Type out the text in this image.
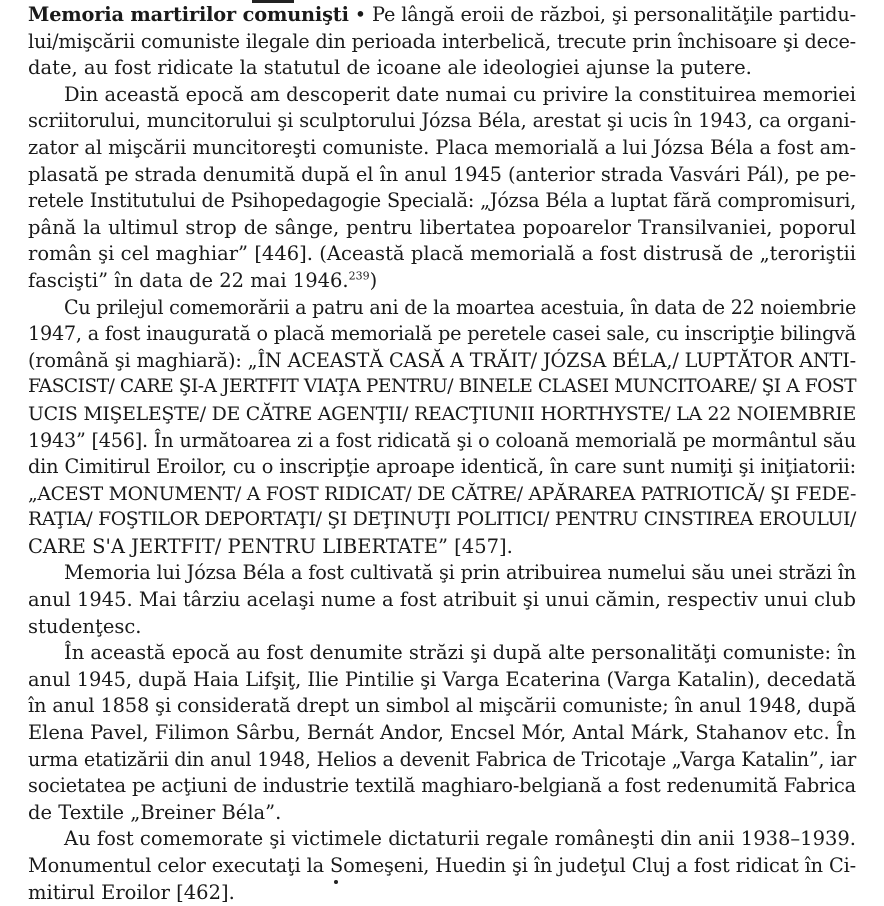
Memoria martirilor comunişti • Pe lângă eroii de război, şi personalităţile partidu-
lui/mişcării comuniste ilegale din perioada interbelică, trecute prin închisoare şi dece-
date, au fost ridicate la statutul de icoane ale ideologiei ajunse la putere.
Din această epocă am descoperit date numai cu privire la constituirea memoriei
scriitorului, muncitorului şi sculptorului Józsa Béla, arestat şi ucis în 1943, ca organi-
zator al mişcării muncitoreşti comuniste. Placa memorială a lui Józsa Béla a fost am-
plasată pe strada denumită după el în anul 1945 (anterior strada Vasvári Pál), pe pe-
retele Institutului de Psihopedagogie Specială: „Józsa Béla a luptat fără compromisuri,
până la ultimul strop de sânge, pentru libertatea popoarelor Transilvaniei, poporul
român şi cel maghiar” [446]. (Această placă memorială a fost distrusă de „teroriştii
fascişti” în data de 22 mai 1946.$^{239}$)
Cu prilejul comemorării a patru ani de la moartea acestuia, în data de 22 noiembrie
1947, a fost inaugurată o placă memorială pe peretele casei sale, cu inscripţie bilingvă
(română şi maghiară): „ÎN ACEASTĂ CASĂ A TRĂIT/ JÓZSA BÉLA,/ LUPTĂTOR ANTI-
FASCIST/ CARE ŞI-A JERTFIT VIAŢA PENTRU/ BINELE CLASEI MUNCITOARE/ ŞI A FOST
UCIS MIŞELEŞTE/ DE CĂTRE AGENŢII/ REACŢIUNII HORTHYSTE/ LA 22 NOIEMBRIE
1943” [456]. În următoarea zi a fost ridicată şi o coloană memorială pe mormântul său
din Cimitirul Eroilor, cu o inscripţie aproape identică, în care sunt numiţi şi iniţiatorii:
„ACEST MONUMENT/ A FOST RIDICAT/ DE CĂTRE/ APĂRAREA PATRIOTICĂ/ ŞI FEDE-
RAŢIA/ FOŞTILOR DEPORTAŢI/ ŞI DEŢINUŢI POLITICI/ PENTRU CINSTIREA EROULUI/
CARE S'A JERTFIT/ PENTRU LIBERTATE” [457].
Memoria lui Józsa Béla a fost cultivată şi prin atribuirea numelui său unei străzi în
anul 1945. Mai târziu acelaşi nume a fost atribuit şi unui cămin, respectiv unui club
studenţesc.
În această epocă au fost denumite străzi şi după alte personalităţi comuniste: în
anul 1945, după Haia Lifşiţ, Ilie Pintilie şi Varga Ecaterina (Varga Katalin), decedată
în anul 1858 şi considerată drept un simbol al mişcării comuniste; în anul 1948, după
Elena Pavel, Filimon Sârbu, Bernát Andor, Encsel Mór, Antal Márk, Stahanov etc. În
urma etatizării din anul 1948, Helios a devenit Fabrica de Tricotaje „Varga Katalin”, iar
societatea pe acţiuni de industrie textilă maghiaro-belgiană a fost redenumită Fabrica
de Textile „Breiner Béla”.
Au fost comemorate şi victimele dictaturii regale româneşti din anii 1938–1939.
Monumentul celor executaţi la Someşeni, Huedin şi în judeţul Cluj a fost ridicat în Ci-
mitirul Eroilor [462].
